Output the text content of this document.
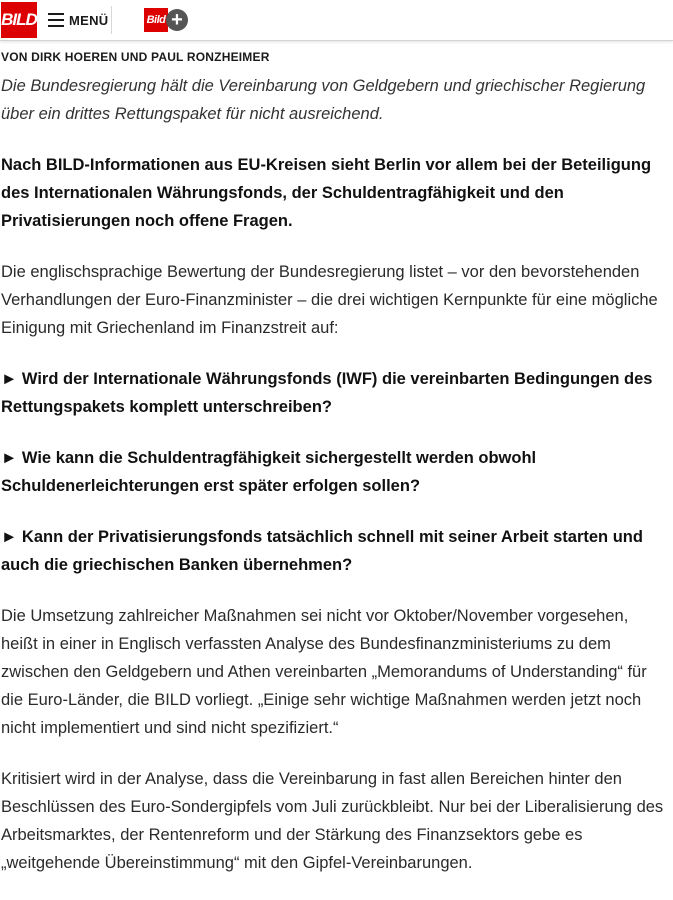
BILD MENÜ	Bild +
VON DIRK HOEREN UND PAUL RONZHEIMER
Die Bundesregierung hält die Vereinbarung von Geldgebern und griechischer Regierung über ein drittes Rettungspaket für nicht ausreichend.
Nach BILD-Informationen aus EU-Kreisen sieht Berlin vor allem bei der Beteiligung des Internationalen Währungsfonds, der Schuldentragfähigkeit und den Privatisierungen noch offene Fragen.
Die englischsprachige Bewertung der Bundesregierung listet – vor den bevorstehenden Verhandlungen der Euro-Finanzminister – die drei wichtigen Kernpunkte für eine mögliche Einigung mit Griechenland im Finanzstreit auf:
► Wird der Internationale Währungsfonds (IWF) die vereinbarten Bedingungen des Rettungspakets komplett unterschreiben?
► Wie kann die Schuldentragfähigkeit sichergestellt werden obwohl Schuldenerleichterungen erst später erfolgen sollen?
► Kann der Privatisierungsfonds tatsächlich schnell mit seiner Arbeit starten und auch die griechischen Banken übernehmen?
Die Umsetzung zahlreicher Maßnahmen sei nicht vor Oktober/November vorgesehen, heißt in einer in Englisch verfassten Analyse des Bundesfinanzministeriums zu dem zwischen den Geldgebern und Athen vereinbarten „Memorandums of Understanding“ für die Euro-Länder, die BILD vorliegt. „Einige sehr wichtige Maßnahmen werden jetzt noch nicht implementiert und sind nicht spezifiziert.“
Kritisiert wird in der Analyse, dass die Vereinbarung in fast allen Bereichen hinter den Beschlüssen des Euro-Sondergipfels vom Juli zurückbleibt. Nur bei der Liberalisierung des Arbeitsmarktes, der Rentenreform und der Stärkung des Finanzsektors gebe es „weitgehende Übereinstimmung“ mit den Gipfel-Vereinbarungen.
